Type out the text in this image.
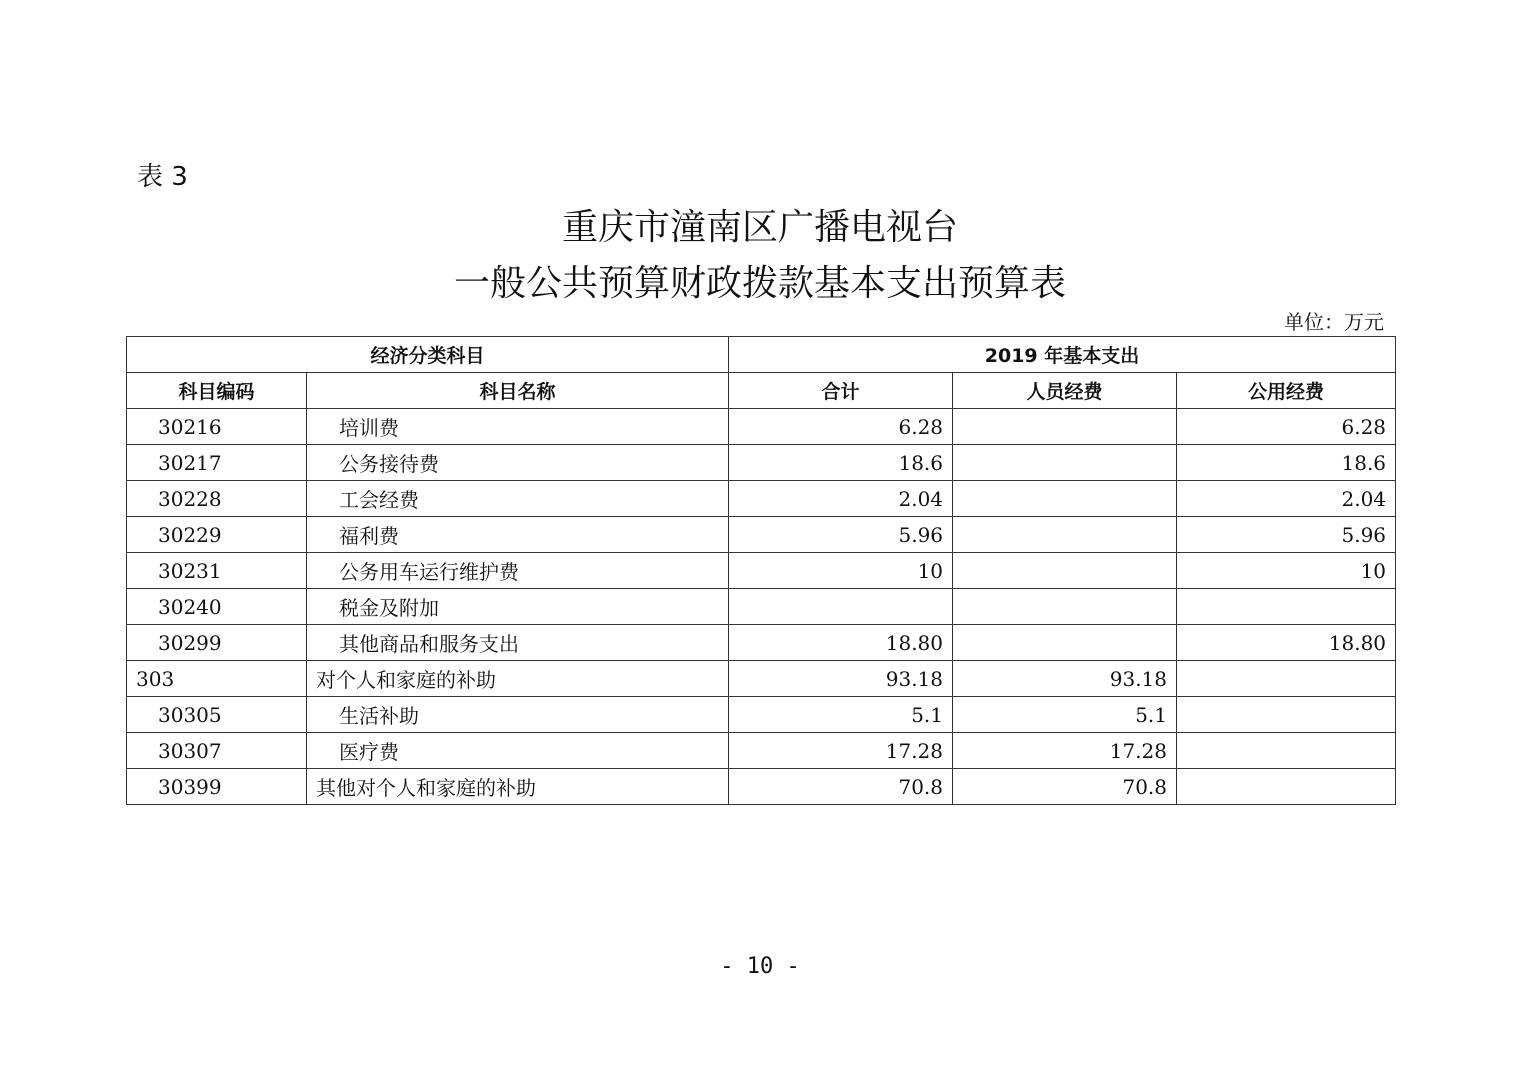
表 3
重庆市潼南区广播电视台
一般公共预算财政拨款基本支出预算表
单位：万元
经济分类科目		2019 年基本支出		
科目编码	科目名称	合计	人员经费	公用经费
30216	培训费	6.28		6.28
30217	公务接待费	18.6		18.6
30228	工会经费	2.04		2.04
30229	福利费	5.96		5.96
30231	公务用车运行维护费	10		10
30240	税金及附加			
30299	其他商品和服务支出	18.80		18.80
303	对个人和家庭的补助	93.18	93.18	
30305	生活补助	5.1	5.1	
30307	医疗费	17.28	17.28	
30399	其他对个人和家庭的补助	70.8	70.8	
- 10 -
